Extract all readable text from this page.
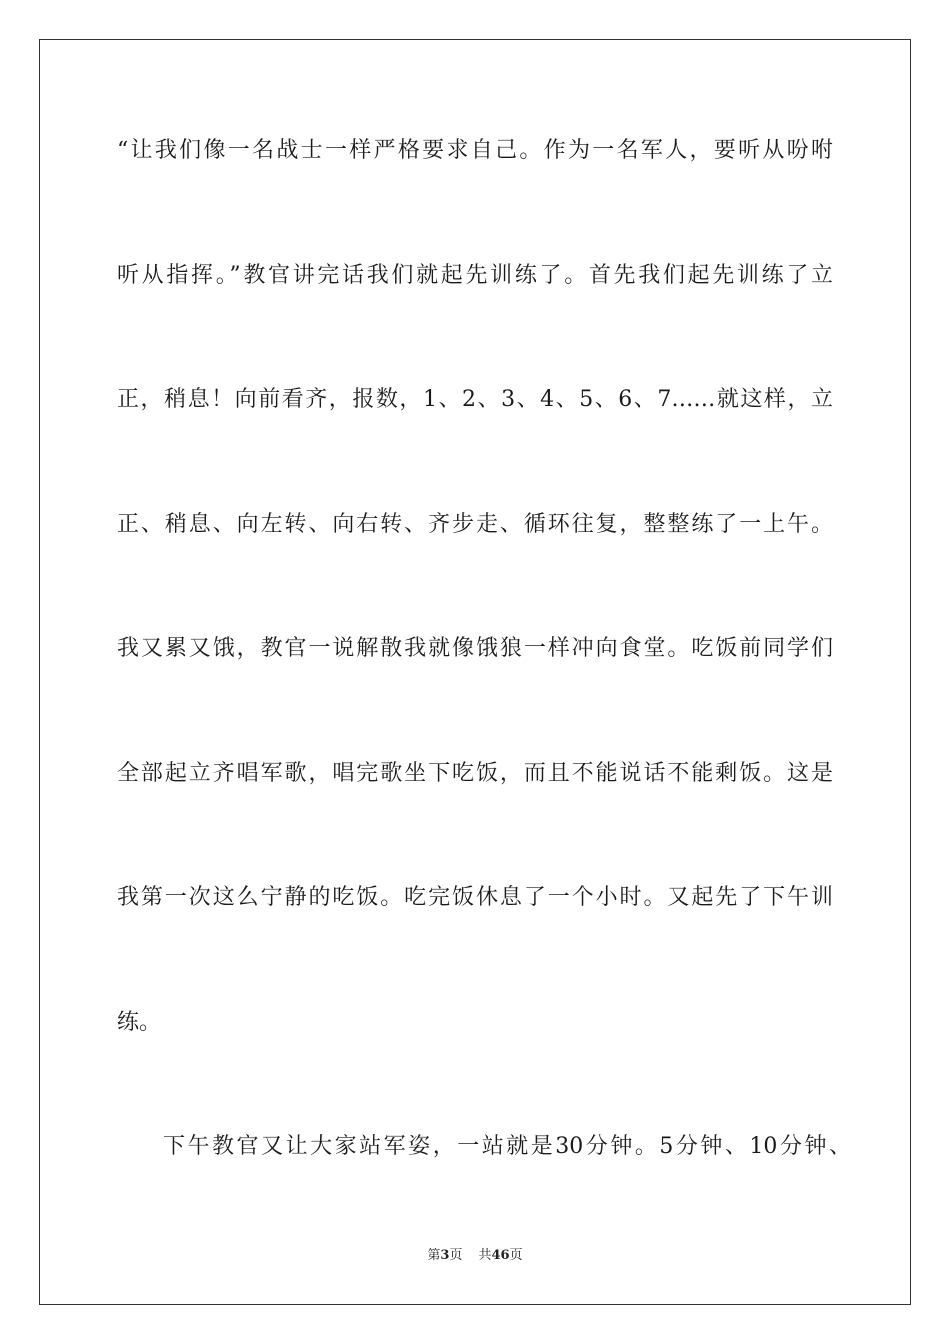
“让我们像一名战士一样严格要求自己。作为一名军人，要听从吩咐
听从指挥。”教官讲完话我们就起先训练了。首先我们起先训练了立
正，稍息！向前看齐，报数，1、2、3、4、5、6、7……就这样，立
正、稍息、向左转、向右转、齐步走、循环往复，整整练了一上午。
我又累又饿，教官一说解散我就像饿狼一样冲向食堂。吃饭前同学们
全部起立齐唱军歌，唱完歌坐下吃饭，而且不能说话不能剩饭。这是
我第一次这么宁静的吃饭。吃完饭休息了一个小时。又起先了下午训
练。
下午教官又让大家站军姿，一站就是30分钟。5分钟、10分钟、
第3页 共46页
